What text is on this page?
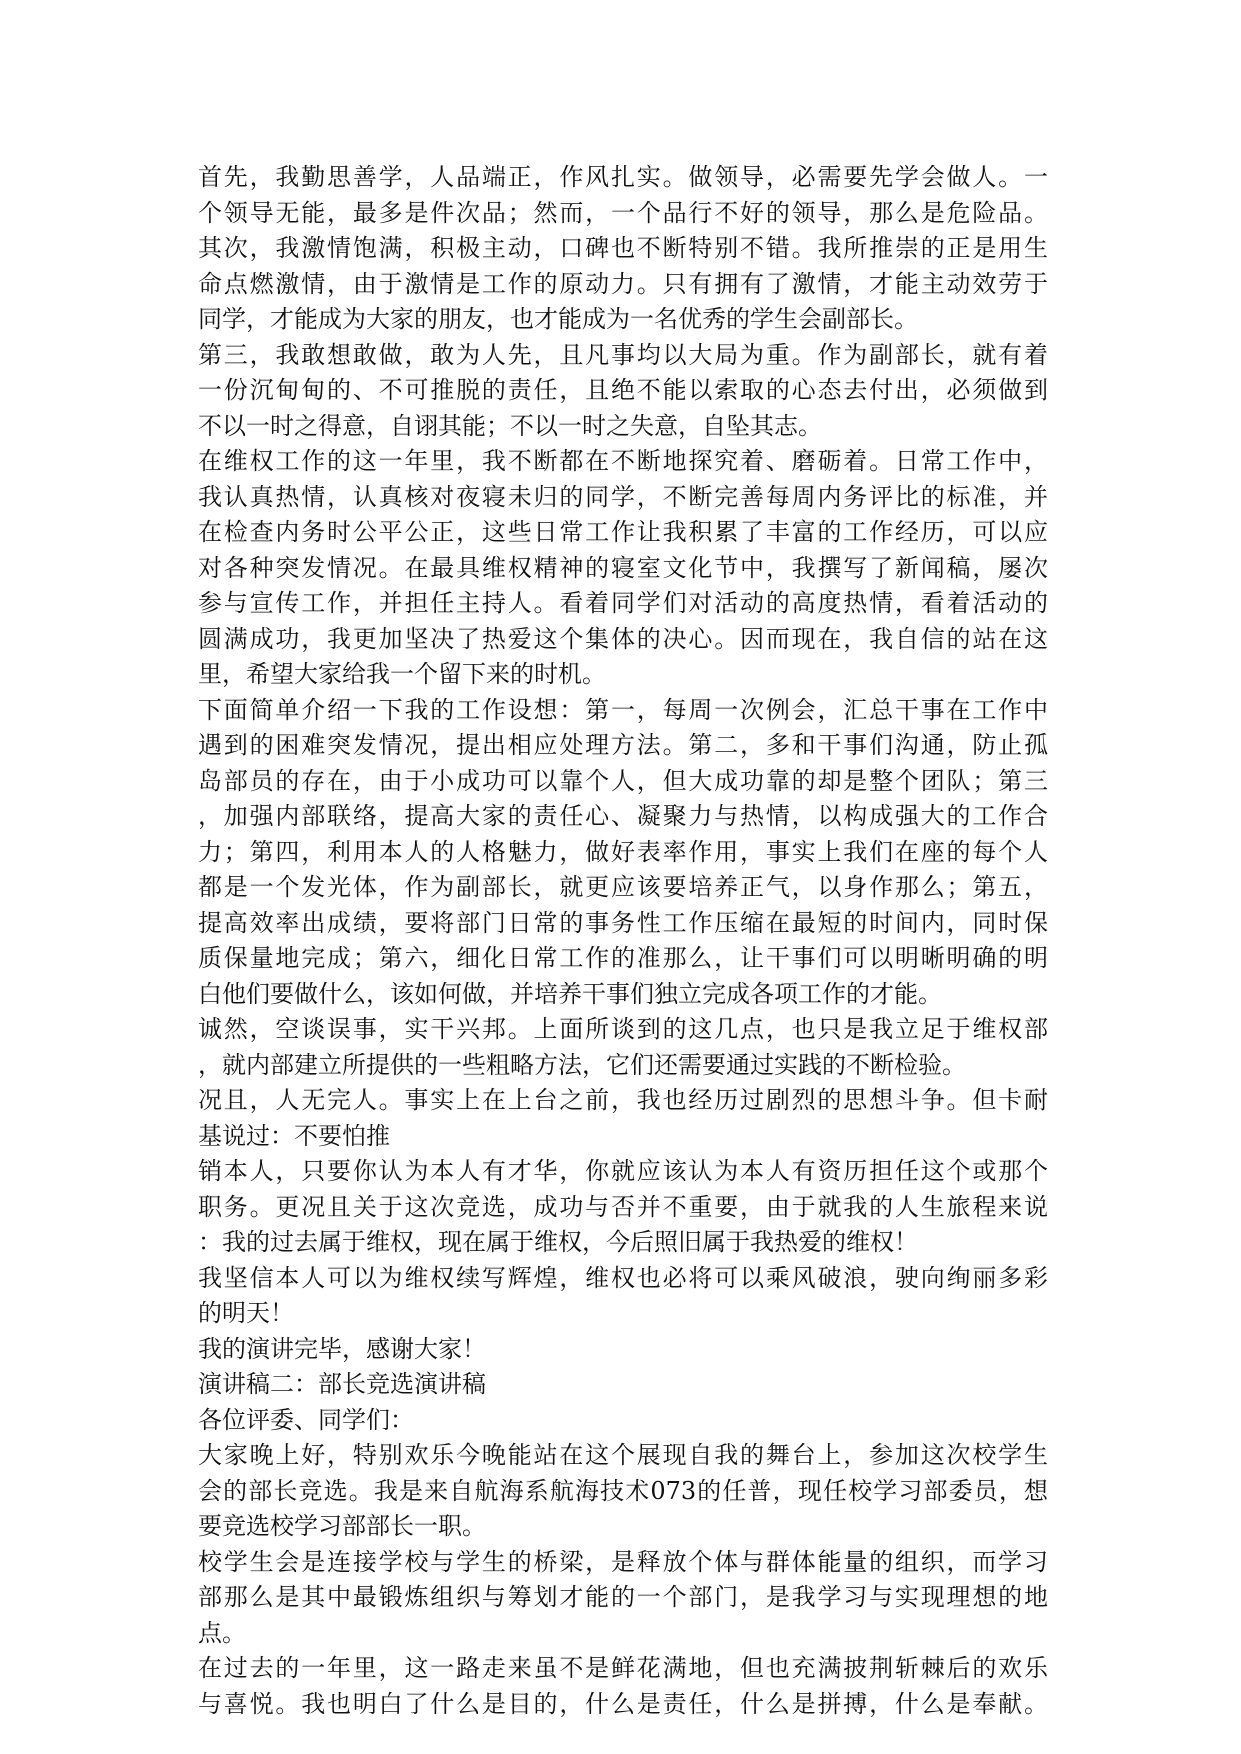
首先，我勤思善学，人品端正，作风扎实。做领导，必需要先学会做人。一
个领导无能，最多是件次品；然而，一个品行不好的领导，那么是危险品。
其次，我激情饱满，积极主动，口碑也不断特别不错。我所推崇的正是用生
命点燃激情，由于激情是工作的原动力。只有拥有了激情，才能主动效劳于
同学，才能成为大家的朋友，也才能成为一名优秀的学生会副部长。
第三，我敢想敢做，敢为人先，且凡事均以大局为重。作为副部长，就有着
一份沉甸甸的、不可推脱的责任，且绝不能以索取的心态去付出，必须做到
不以一时之得意，自诩其能；不以一时之失意，自坠其志。
在维权工作的这一年里，我不断都在不断地探究着、磨砺着。日常工作中，
我认真热情，认真核对夜寝未归的同学，不断完善每周内务评比的标准，并
在检查内务时公平公正，这些日常工作让我积累了丰富的工作经历，可以应
对各种突发情况。在最具维权精神的寝室文化节中，我撰写了新闻稿，屡次
参与宣传工作，并担任主持人。看着同学们对活动的高度热情，看着活动的
圆满成功，我更加坚决了热爱这个集体的决心。因而现在，我自信的站在这
里，希望大家给我一个留下来的时机。
下面简单介绍一下我的工作设想：第一，每周一次例会，汇总干事在工作中
遇到的困难突发情况，提出相应处理方法。第二，多和干事们沟通，防止孤
岛部员的存在，由于小成功可以靠个人，但大成功靠的却是整个团队；第三
，加强内部联络，提高大家的责任心、凝聚力与热情，以构成强大的工作合
力；第四，利用本人的人格魅力，做好表率作用，事实上我们在座的每个人
都是一个发光体，作为副部长，就更应该要培养正气，以身作那么；第五，
提高效率出成绩，要将部门日常的事务性工作压缩在最短的时间内，同时保
质保量地完成；第六，细化日常工作的准那么，让干事们可以明晰明确的明
白他们要做什么，该如何做，并培养干事们独立完成各项工作的才能。
诚然，空谈误事，实干兴邦。上面所谈到的这几点，也只是我立足于维权部
，就内部建立所提供的一些粗略方法，它们还需要通过实践的不断检验。
况且，人无完人。事实上在上台之前，我也经历过剧烈的思想斗争。但卡耐
基说过：不要怕推
销本人，只要你认为本人有才华，你就应该认为本人有资历担任这个或那个
职务。更况且关于这次竞选，成功与否并不重要，由于就我的人生旅程来说
：我的过去属于维权，现在属于维权，今后照旧属于我热爱的维权！
我坚信本人可以为维权续写辉煌，维权也必将可以乘风破浪，驶向绚丽多彩
的明天！
我的演讲完毕，感谢大家！
演讲稿二：部长竞选演讲稿
各位评委、同学们：
大家晚上好，特别欢乐今晚能站在这个展现自我的舞台上，参加这次校学生
会的部长竞选。我是来自航海系航海技术073的任普，现任校学习部委员，想
要竞选校学习部部长一职。
校学生会是连接学校与学生的桥梁，是释放个体与群体能量的组织，而学习
部那么是其中最锻炼组织与筹划才能的一个部门，是我学习与实现理想的地
点。
在过去的一年里，这一路走来虽不是鲜花满地，但也充满披荆斩棘后的欢乐
与喜悦。我也明白了什么是目的，什么是责任，什么是拼搏，什么是奉献。
